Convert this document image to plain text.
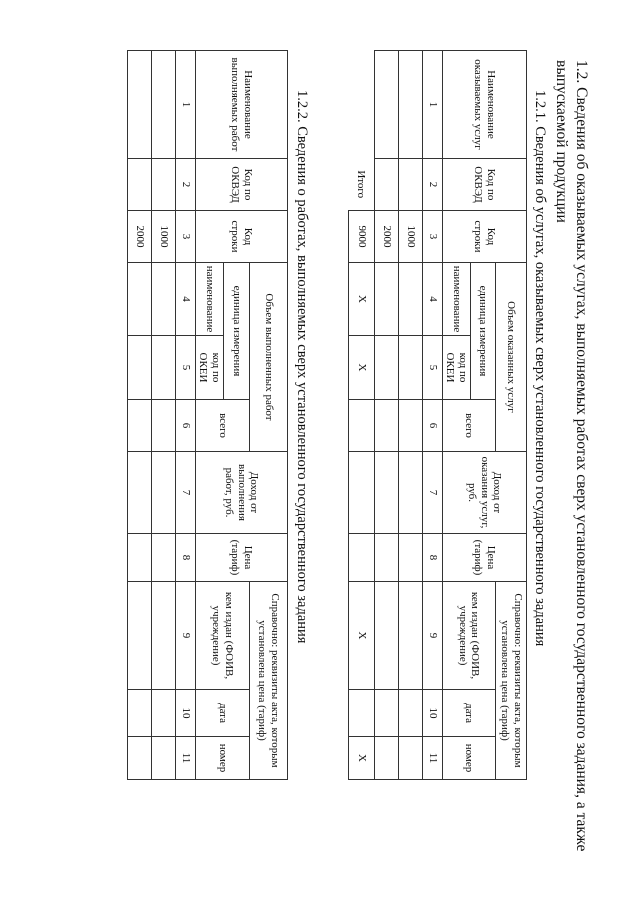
1.2. Сведения об оказываемых услугах, выполняемых работах сверх установленного государственного задания, а также
выпускаемой продукции
1.2.1. Сведения об услугах, оказываемых сверх установленного государственного задания
Наименование оказываемых услуг	Код по ОКВЭД	Код строки	Объем оказанных услуг			Доход от оказания услуг, руб.	Цена (тариф)	Справочно: реквизиты акта, которым установлена цена (тариф)		
			единица измерения		всего			кем издан (ФОИВ, учреждение)	дата	номер
			наименование	код по ОКЕИ						
1	2	3	4	5	6	7	8	9	10	11
		1000								
		2000								
	Итого	9000	X	X				X		X
1.2.2. Сведения о работах, выполняемых сверх установленного государственного задания
Наименование выполняемых работ	Код по ОКВЭД	Код строки	Объем выполненных работ			Доход от выполнения работ, руб.	Цена (тариф)	Справочно: реквизиты акта, которым установлена цена (тариф)		
			единица измерения		всего			кем издан (ФОИВ, учреждение)	дата	номер
			наименование	код по ОКЕИ						
1	2	3	4	5	6	7	8	9	10	11
		1000								
		2000								
